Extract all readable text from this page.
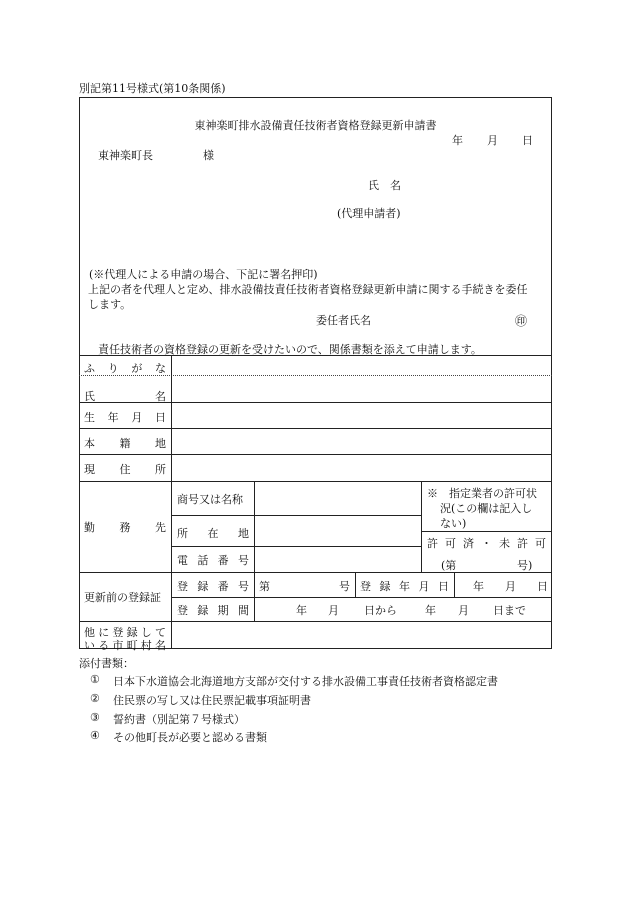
別記第11号様式(第10条関係)
東神楽町排水設備責任技術者資格登録更新申請書
年 月 日
東神楽町長	様
氏　名
(代理申請者)
(※代理人による申請の場合、下記に署名押印)
上記の者を代理人と定め、排水設備技責任技術者資格登録更新申請に関する手続きを委任
します。
委任者氏名	㊞
責任技術者の資格登録の更新を受けたいので、関係書類を添えて申請します。
ふ り が な
氏	名
生 年 月 日
本 籍 地
現 住 所
勤 務 先
商号又は名称
所 在 地
電 話 番 号
※　指定業者の許可状
況(この欄は記入し
ない)
許 可 済 ・ 未 許 可
(第	号)
更新前の登録証
登 録 番 号 第	号 登 録 年 月 日 年 月 日
登 録 期 間	年 月 日から	年 月 日まで
他 に 登 録 し て
い る 市 町 村 名
添付書類：
① 日本下水道協会北海道地方支部が交付する排水設備工事責任技術者資格認定書
② 住民票の写し又は住民票記載事項証明書
③ 誓約書（別記第７号様式）
④ その他町長が必要と認める書類
